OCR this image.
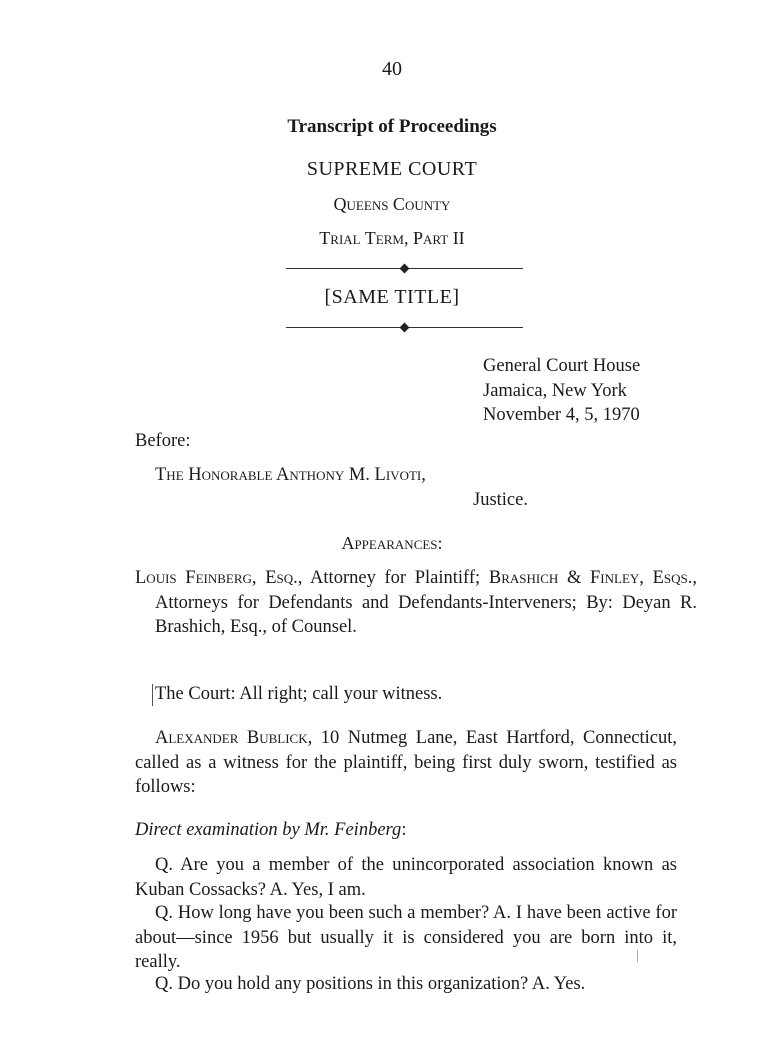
40
Transcript of Proceedings
SUPREME COURT
Queens County
Trial Term, Part II
[SAME TITLE]
General Court House
Jamaica, New York
November 4, 5, 1970
Before:
The Honorable Anthony M. Livoti,
Justice.
Appearances:
Louis Feinberg, Esq., Attorney for Plaintiff; Brashich & Finley, Esqs., Attorneys for Defendants and Defendants-Interveners; By: Deyan R. Brashich, Esq., of Counsel.
The Court: All right; call your witness.
Alexander Bublick, 10 Nutmeg Lane, East Hartford, Connecticut, called as a witness for the plaintiff, being first duly sworn, testified as follows:
Direct examination by Mr. Feinberg:
Q. Are you a member of the unincorporated association known as Kuban Cossacks? A. Yes, I am.
Q. How long have you been such a member? A. I have been active for about—since 1956 but usually it is considered you are born into it, really.
Q. Do you hold any positions in this organization? A. Yes.
